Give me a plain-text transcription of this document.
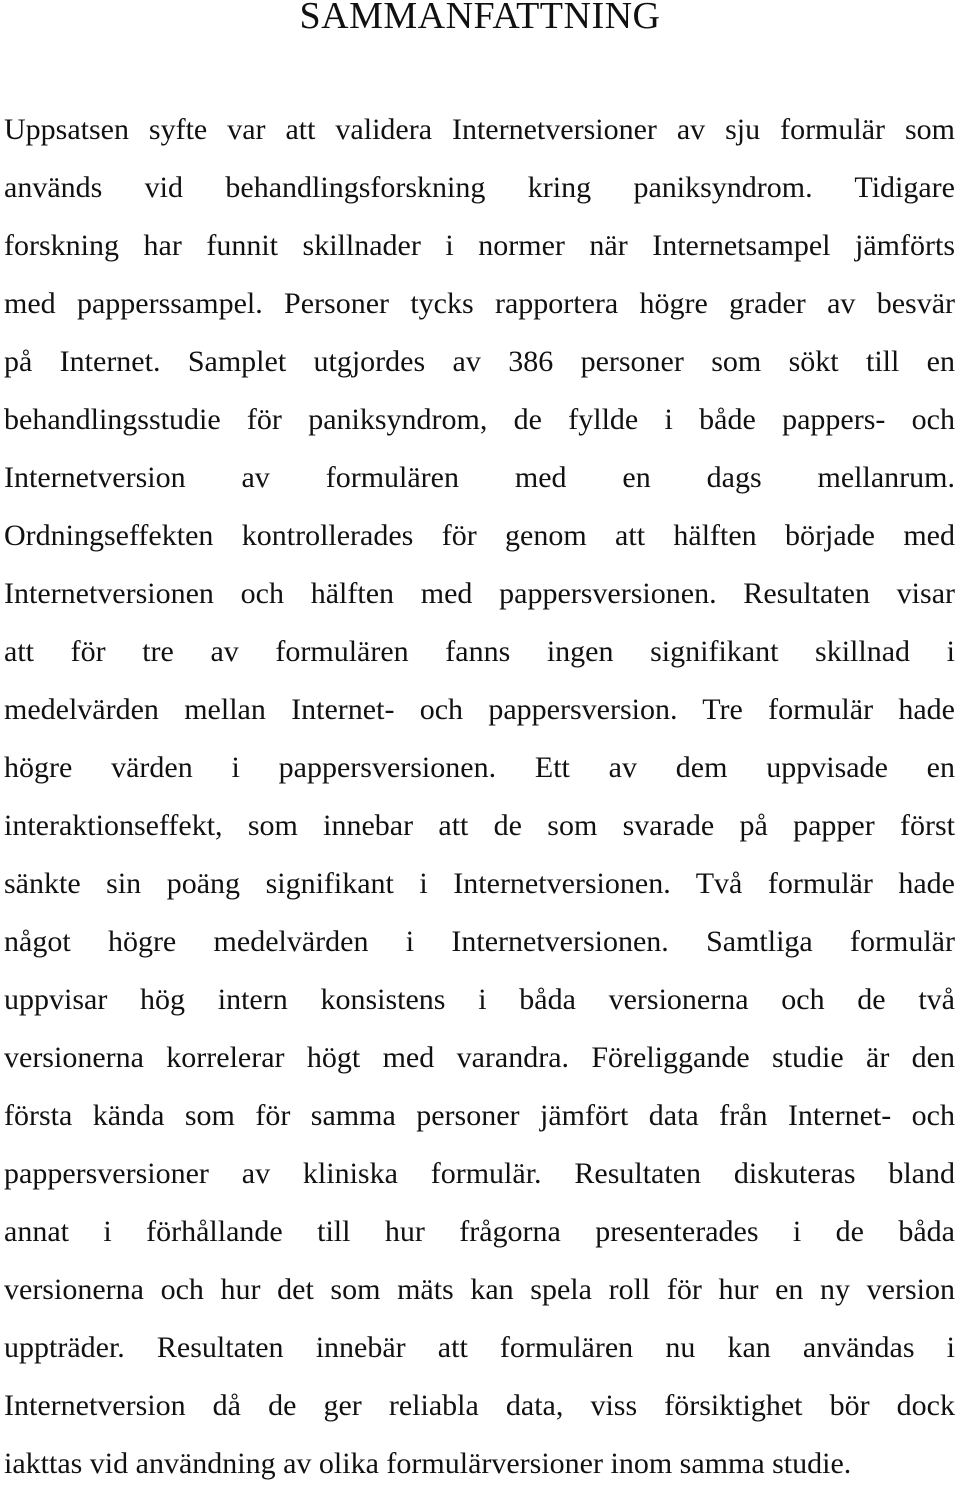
SAMMANFATTNING
Uppsatsen syfte var att validera Internetversioner av sju formulär som
används vid behandlingsforskning kring paniksyndrom. Tidigare
forskning har funnit skillnader i normer när Internetsampel jämförts
med papperssampel. Personer tycks rapportera högre grader av besvär
på Internet. Samplet utgjordes av 386 personer som sökt till en
behandlingsstudie för paniksyndrom, de fyllde i både pappers- och
Internetversion av formulären med en dags mellanrum.
Ordningseffekten kontrollerades för genom att hälften började med
Internetversionen och hälften med pappersversionen. Resultaten visar
att för tre av formulären fanns ingen signifikant skillnad i
medelvärden mellan Internet- och pappersversion. Tre formulär hade
högre värden i pappersversionen. Ett av dem uppvisade en
interaktionseffekt, som innebar att de som svarade på papper först
sänkte sin poäng signifikant i Internetversionen. Två formulär hade
något högre medelvärden i Internetversionen. Samtliga formulär
uppvisar hög intern konsistens i båda versionerna och de två
versionerna korrelerar högt med varandra. Föreliggande studie är den
första kända som för samma personer jämfört data från Internet- och
pappersversioner av kliniska formulär. Resultaten diskuteras bland
annat i förhållande till hur frågorna presenterades i de båda
versionerna och hur det som mäts kan spela roll för hur en ny version
uppträder. Resultaten innebär att formulären nu kan användas i
Internetversion då de ger reliabla data, viss försiktighet bör dock
iakttas vid användning av olika formulärversioner inom samma studie.
